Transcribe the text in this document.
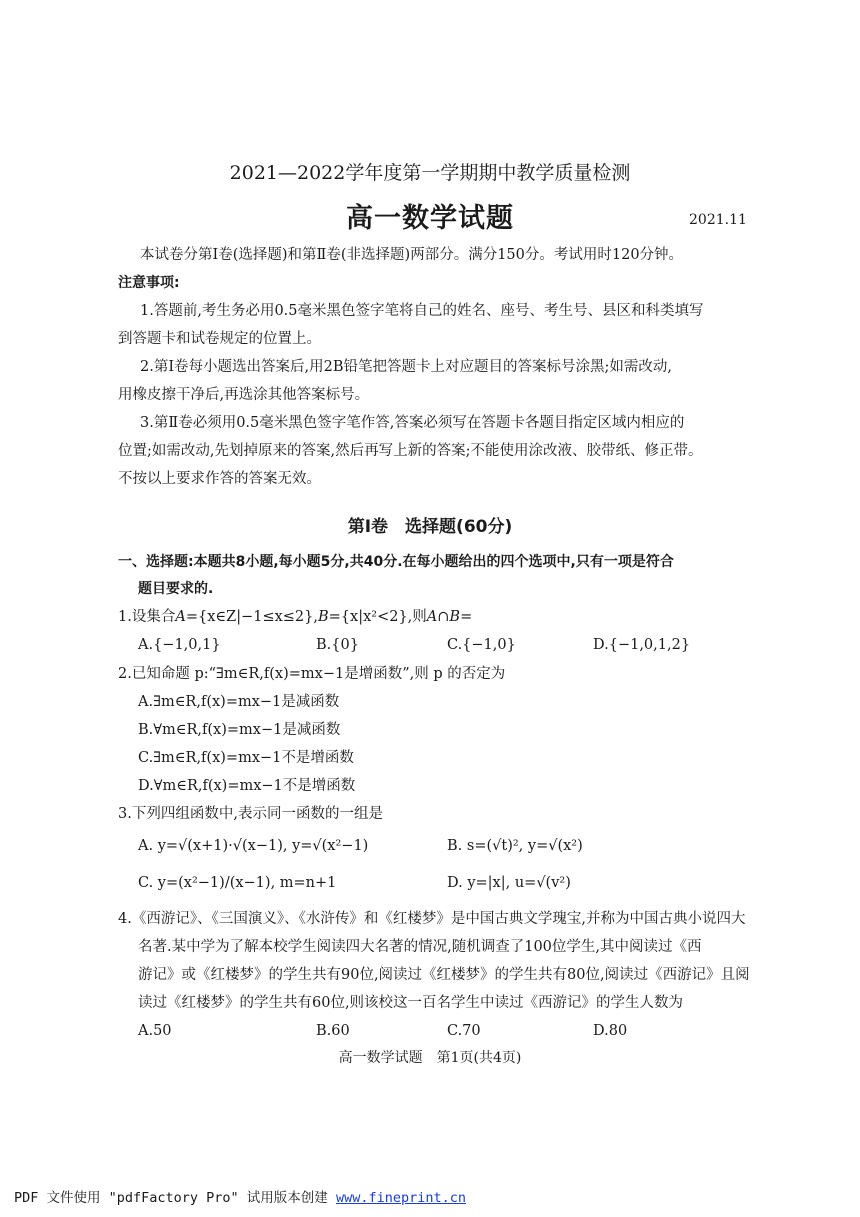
2021—2022学年度第一学期期中教学质量检测
高一数学试题	2021.11
本试卷分第Ⅰ卷(选择题)和第Ⅱ卷(非选择题)两部分。满分150分。考试用时120分钟。
注意事项:
1.答题前,考生务必用0.5毫米黑色签字笔将自己的姓名、座号、考生号、县区和科类填写
到答题卡和试卷规定的位置上。
2.第Ⅰ卷每小题选出答案后,用2B铅笔把答题卡上对应题目的答案标号涂黑;如需改动,
用橡皮擦干净后,再选涂其他答案标号。
3.第Ⅱ卷必须用0.5毫米黑色签字笔作答,答案必须写在答题卡各题目指定区域内相应的
位置;如需改动,先划掉原来的答案,然后再写上新的答案;不能使用涂改液、胶带纸、修正带。
不按以上要求作答的答案无效。
第Ⅰ卷　选择题(60分)
一、选择题:本题共8小题,每小题5分,共40分.在每小题给出的四个选项中,只有一项是符合
题目要求的.
1.设集合A={x∈Z|−1≤x≤2},B={x|x²<2},则A∩B=
A.{−1,0,1}	B.{0}	C.{−1,0}	D.{−1,0,1,2}
2.已知命题 p:“∃m∈R,f(x)=mx−1是增函数”,则 p 的否定为
A.∃m∈R,f(x)=mx−1是减函数
B.∀m∈R,f(x)=mx−1是减函数
C.∃m∈R,f(x)=mx−1不是增函数
D.∀m∈R,f(x)=mx−1不是增函数
3.下列四组函数中,表示同一函数的一组是
A. y=√(x+1)·√(x−1), y=√(x²−1)	B. s=(√t)², y=√(x²)
C. y=(x²−1)/(x−1), m=n+1	D. y=|x|, u=√(v²)
4.《西游记》、《三国演义》、《水浒传》和《红楼梦》是中国古典文学瑰宝,并称为中国古典小说四大
名著.某中学为了解本校学生阅读四大名著的情况,随机调查了100位学生,其中阅读过《西
游记》或《红楼梦》的学生共有90位,阅读过《红楼梦》的学生共有80位,阅读过《西游记》且阅
读过《红楼梦》的学生共有60位,则该校这一百名学生中读过《西游记》的学生人数为
A.50	B.60	C.70	D.80
高一数学试题　第1页(共4页)
PDF 文件使用 "pdfFactory Pro" 试用版本创建 www.fineprint.cn
